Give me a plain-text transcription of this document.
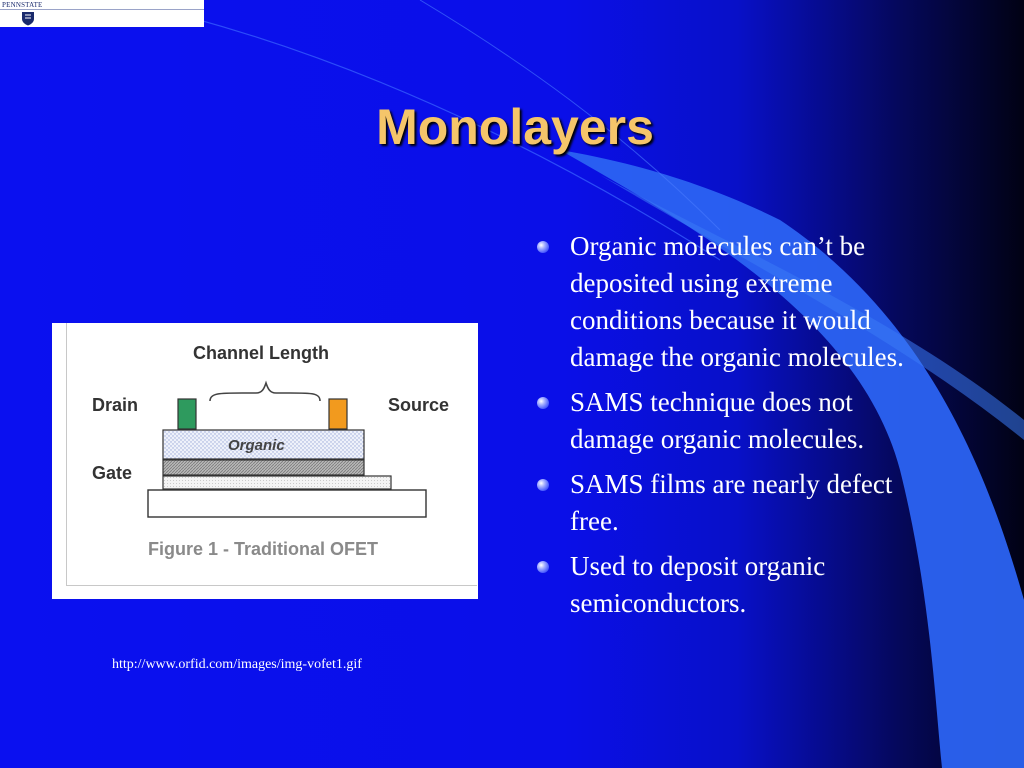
PENNSTATE
Monolayers
Channel Length
Drain	Source
Gate
Organic
Figure 1 - Traditional OFET
http://www.orfid.com/images/img-vofet1.gif
Organic molecules can’t be deposited using extreme conditions because it would damage the organic molecules.
SAMS technique does not damage organic molecules.
SAMS films are nearly defect free.
Used to deposit organic semiconductors.
